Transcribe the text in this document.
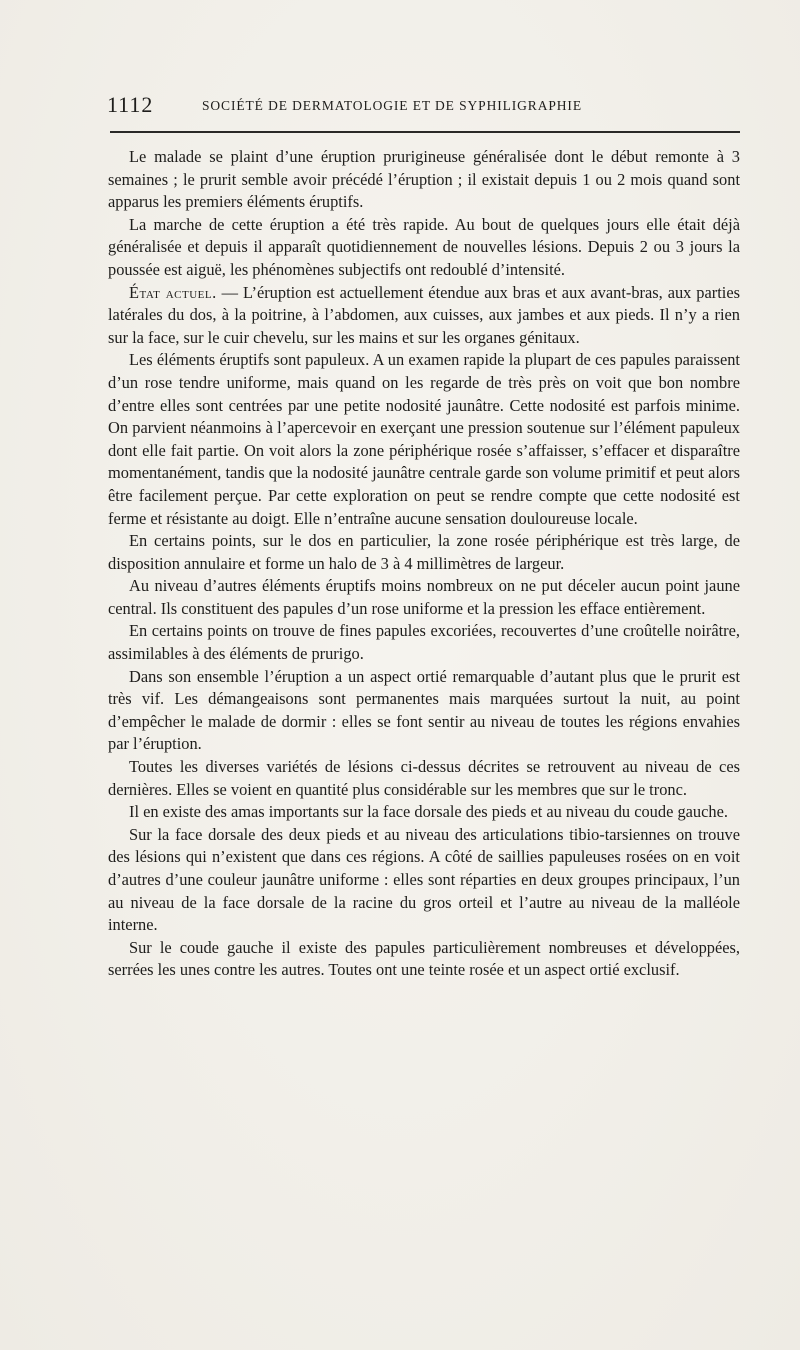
1112	SOCIÉTÉ DE DERMATOLOGIE ET DE SYPHILIGRAPHIE

Le malade se plaint d’une éruption prurigineuse généralisée dont le début remonte à 3 semaines ; le prurit semble avoir précédé l’éruption ; il existait depuis 1 ou 2 mois quand sont apparus les premiers éléments éruptifs.

La marche de cette éruption a été très rapide. Au bout de quelques jours elle était déjà généralisée et depuis il apparaît quotidiennement de nouvelles lésions. Depuis 2 ou 3 jours la poussée est aiguë, les phénomènes subjectifs ont redoublé d’intensité.

État actuel. — L’éruption est actuellement étendue aux bras et aux avant-bras, aux parties latérales du dos, à la poitrine, à l’abdomen, aux cuisses, aux jambes et aux pieds. Il n’y a rien sur la face, sur le cuir chevelu, sur les mains et sur les organes génitaux.

Les éléments éruptifs sont papuleux. A un examen rapide la plupart de ces papules paraissent d’un rose tendre uniforme, mais quand on les regarde de très près on voit que bon nombre d’entre elles sont centrées par une petite nodosité jaunâtre. Cette nodosité est parfois minime. On parvient néanmoins à l’apercevoir en exerçant une pression soutenue sur l’élément papuleux dont elle fait partie. On voit alors la zone périphérique rosée s’affaisser, s’effacer et disparaître momentanément, tandis que la nodosité jaunâtre centrale garde son volume primitif et peut alors être facilement perçue. Par cette exploration on peut se rendre compte que cette nodosité est ferme et résistante au doigt. Elle n’entraîne aucune sensation douloureuse locale.

En certains points, sur le dos en particulier, la zone rosée périphérique est très large, de disposition annulaire et forme un halo de 3 à 4 millimètres de largeur.

Au niveau d’autres éléments éruptifs moins nombreux on ne put déceler aucun point jaune central. Ils constituent des papules d’un rose uniforme et la pression les efface entièrement.

En certains points on trouve de fines papules excoriées, recouvertes d’une croûtelle noirâtre, assimilables à des éléments de prurigo.

Dans son ensemble l’éruption a un aspect ortié remarquable d’autant plus que le prurit est très vif. Les démangeaisons sont permanentes mais marquées surtout la nuit, au point d’empêcher le malade de dormir : elles se font sentir au niveau de toutes les régions envahies par l’éruption.

Toutes les diverses variétés de lésions ci-dessus décrites se retrouvent au niveau de ces dernières. Elles se voient en quantité plus considérable sur les membres que sur le tronc.

Il en existe des amas importants sur la face dorsale des pieds et au niveau du coude gauche.

Sur la face dorsale des deux pieds et au niveau des articulations tibio-tarsiennes on trouve des lésions qui n’existent que dans ces régions. A côté de saillies papuleuses rosées on en voit d’autres d’une couleur jaunâtre uniforme : elles sont réparties en deux groupes principaux, l’un au niveau de la face dorsale de la racine du gros orteil et l’autre au niveau de la malléole interne.

Sur le coude gauche il existe des papules particulièrement nombreuses et développées, serrées les unes contre les autres. Toutes ont une teinte rosée et un aspect ortié exclusif.
